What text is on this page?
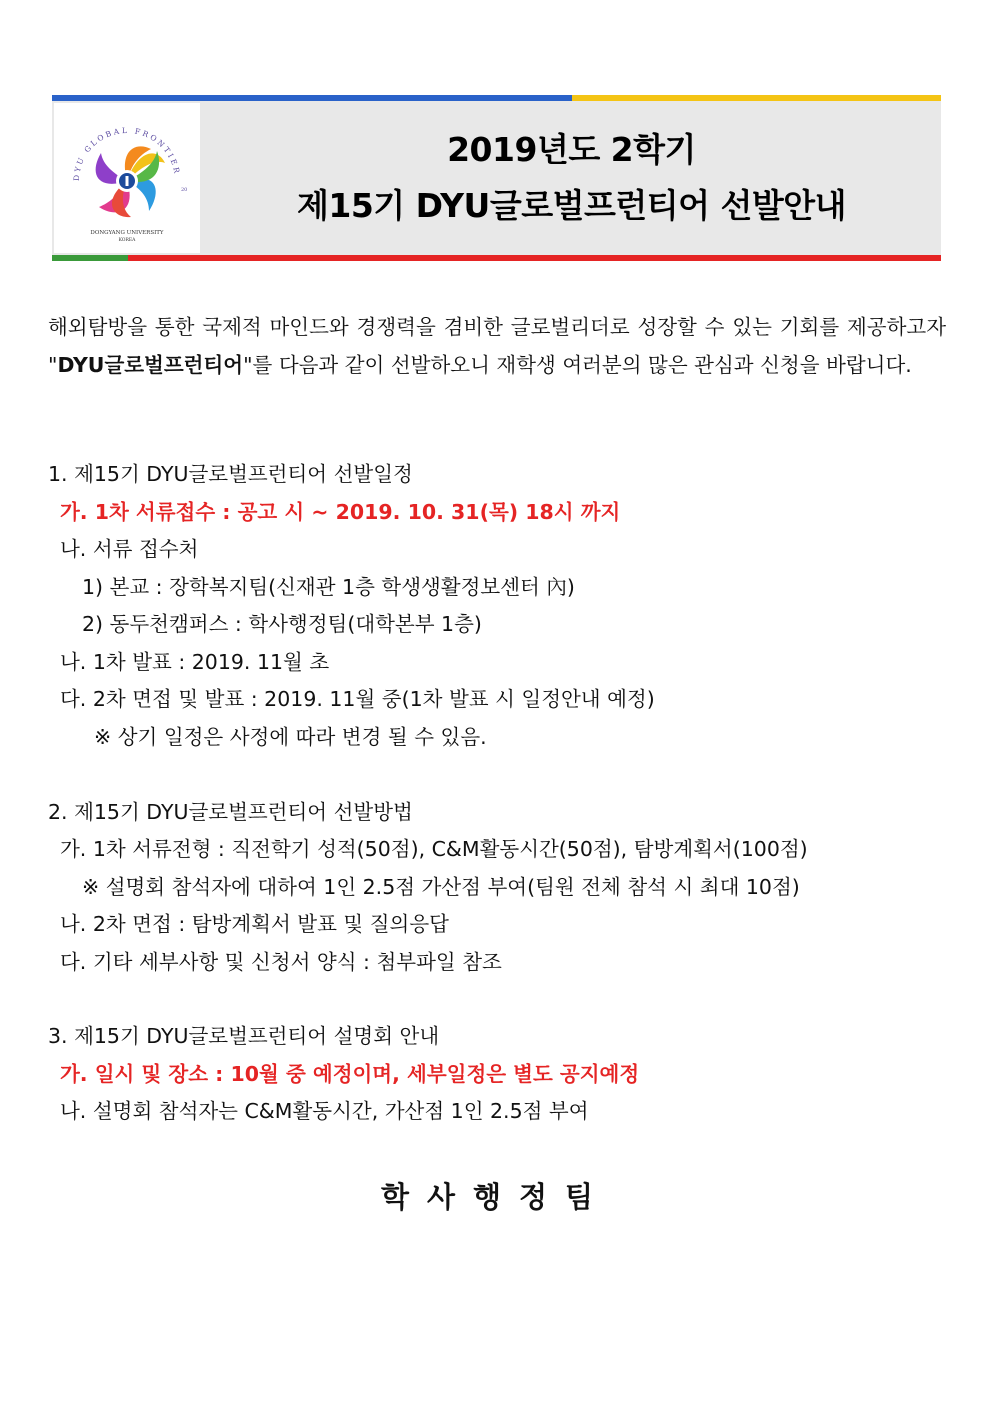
DYU GLOBAL FRONTIER
20
DONGYANG UNIVERSITY
KOREA
2019년도 2학기
제15기 DYU글로벌프런티어 선발안내
해외탐방을 통한 국제적 마인드와 경쟁력을 겸비한 글로벌리더로 성장할 수 있는 기회를 제공하고자 "DYU글로벌프런티어"를 다음과 같이 선발하오니 재학생 여러분의 많은 관심과 신청을 바랍니다.
1. 제15기 DYU글로벌프런티어 선발일정
가. 1차 서류접수 : 공고 시 ~ 2019. 10. 31(목) 18시 까지
나. 서류 접수처
1) 본교 : 장학복지팀(신재관 1층 학생생활정보센터 內)
2) 동두천캠퍼스 : 학사행정팀(대학본부 1층)
나. 1차 발표 : 2019. 11월 초
다. 2차 면접 및 발표 : 2019. 11월 중(1차 발표 시 일정안내 예정)
※ 상기 일정은 사정에 따라 변경 될 수 있음.
2. 제15기 DYU글로벌프런티어 선발방법
가. 1차 서류전형 : 직전학기 성적(50점), C&M활동시간(50점), 탐방계획서(100점)
※ 설명회 참석자에 대하여 1인 2.5점 가산점 부여(팀원 전체 참석 시 최대 10점)
나. 2차 면접 : 탐방계획서 발표 및 질의응답
다. 기타 세부사항 및 신청서 양식 : 첨부파일 참조
3. 제15기 DYU글로벌프런티어 설명회 안내
가. 일시 및 장소 : 10월 중 예정이며, 세부일정은 별도 공지예정
나. 설명회 참석자는 C&M활동시간, 가산점 1인 2.5점 부여
학사행정팀
